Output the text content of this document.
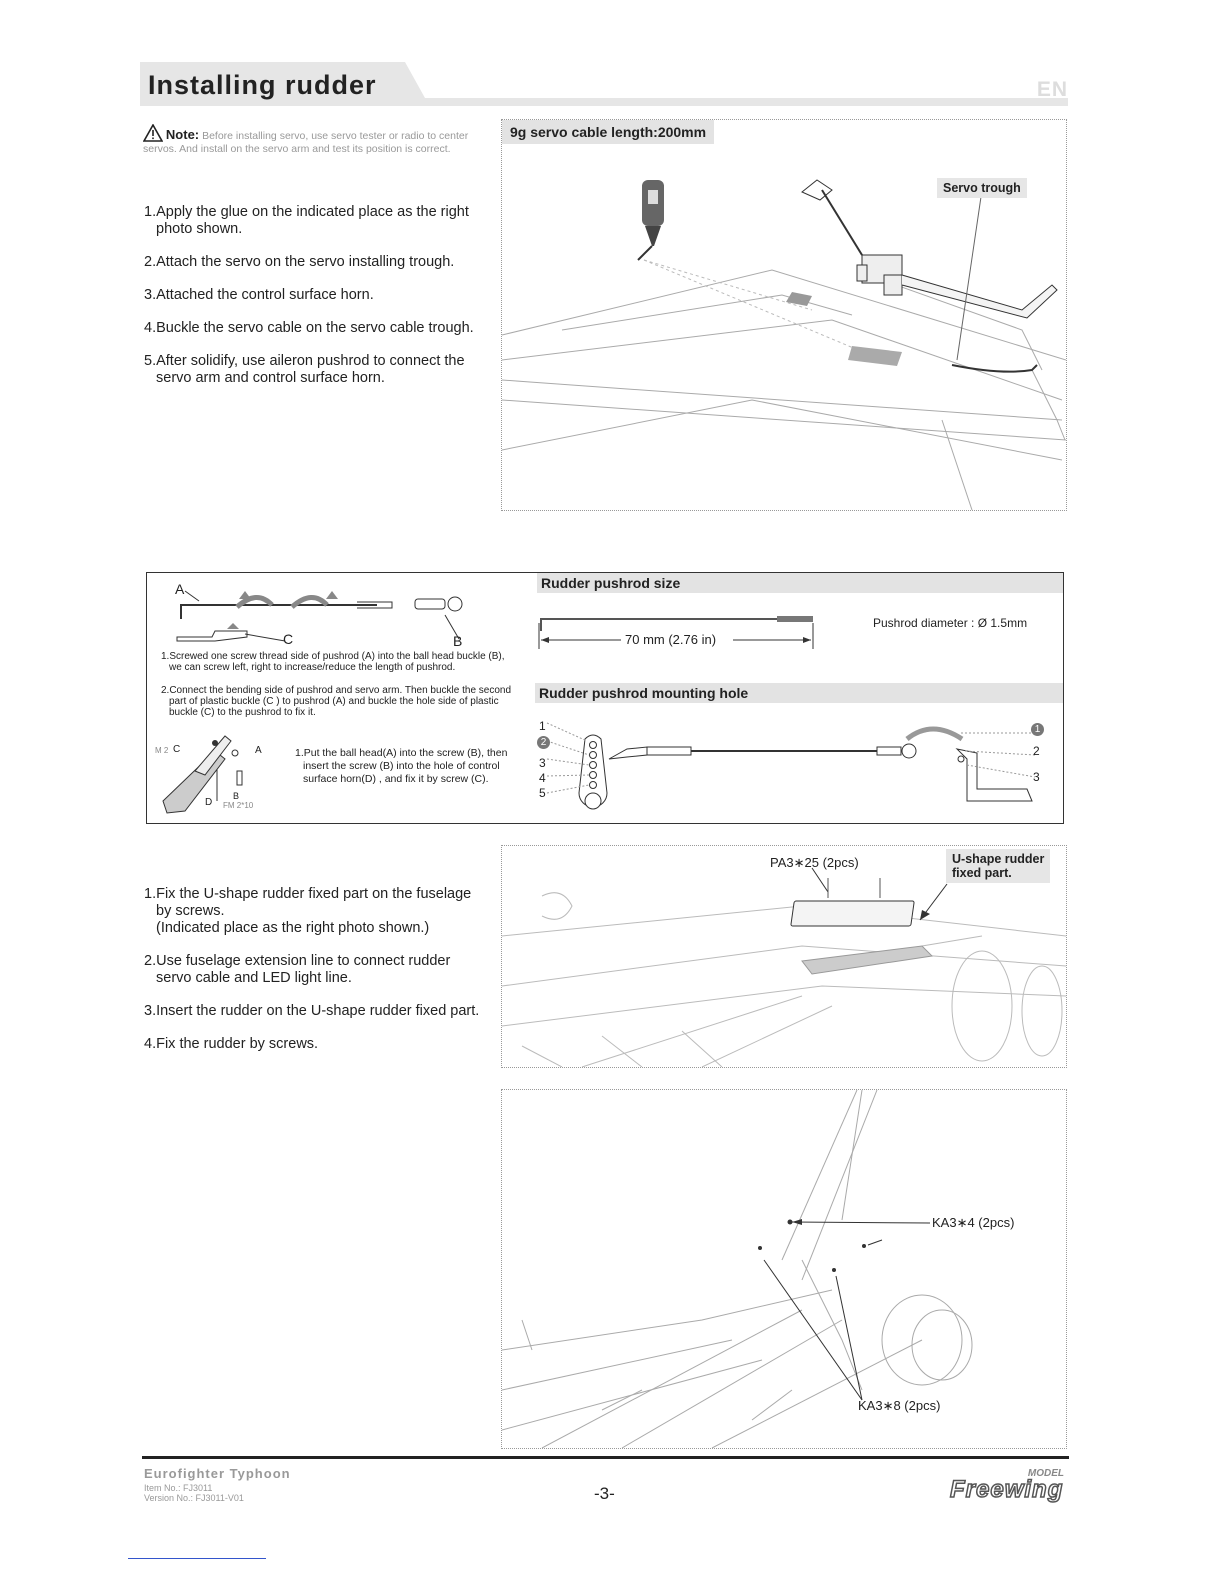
Installing rudder	EN
Note: Before installing servo, use servo tester or radio to center servos. And install on the servo arm and test its position is correct.

1.Apply the glue on the indicated place as the right
photo shown.

2.Attach the servo on the servo installing trough.

3.Attached the control surface horn.

4.Buckle the servo cable on the servo cable trough.

5.After solidify, use aileron pushrod to connect the
servo arm and control surface horn.

9g servo cable length:200mm
Servo trough
A
C	B
1.Screwed one screw thread side of pushrod (A) into the ball head buckle (B), we can screw left, right to increase/reduce the length of pushrod.
2.Connect the bending side of pushrod and servo arm. Then buckle the second part of plastic buckle (C ) to pushrod (A) and buckle the hole side of plastic buckle (C) to the pushrod to fix it.
M 2 C	A
D
B
FM 2*10
1.Put the ball head(A) into the screw (B), then insert the screw (B) into the hole of control surface horn(D) , and fix it by screw (C).
Rudder pushrod size
70 mm (2.76 in)
Pushrod diameter : Ø 1.5mm
Rudder pushrod mounting hole
1
2
3
4
5
1
2
3

1.Fix the U-shape rudder fixed part on the fuselage
by screws.
(Indicated place as the right photo shown.)

2.Use fuselage extension line to connect rudder
servo cable and LED light line.

3.Insert the rudder on the U-shape rudder fixed part.

4.Fix the rudder by screws.

PA3∗25 (2pcs)	U-shape rudder
fixed part.
KA3∗4 (2pcs)
KA3∗8 (2pcs)
Eurofighter Typhoon
Item No.: FJ3011
Version No.: FJ3011-V01	-3-
MODEL
Freewing
